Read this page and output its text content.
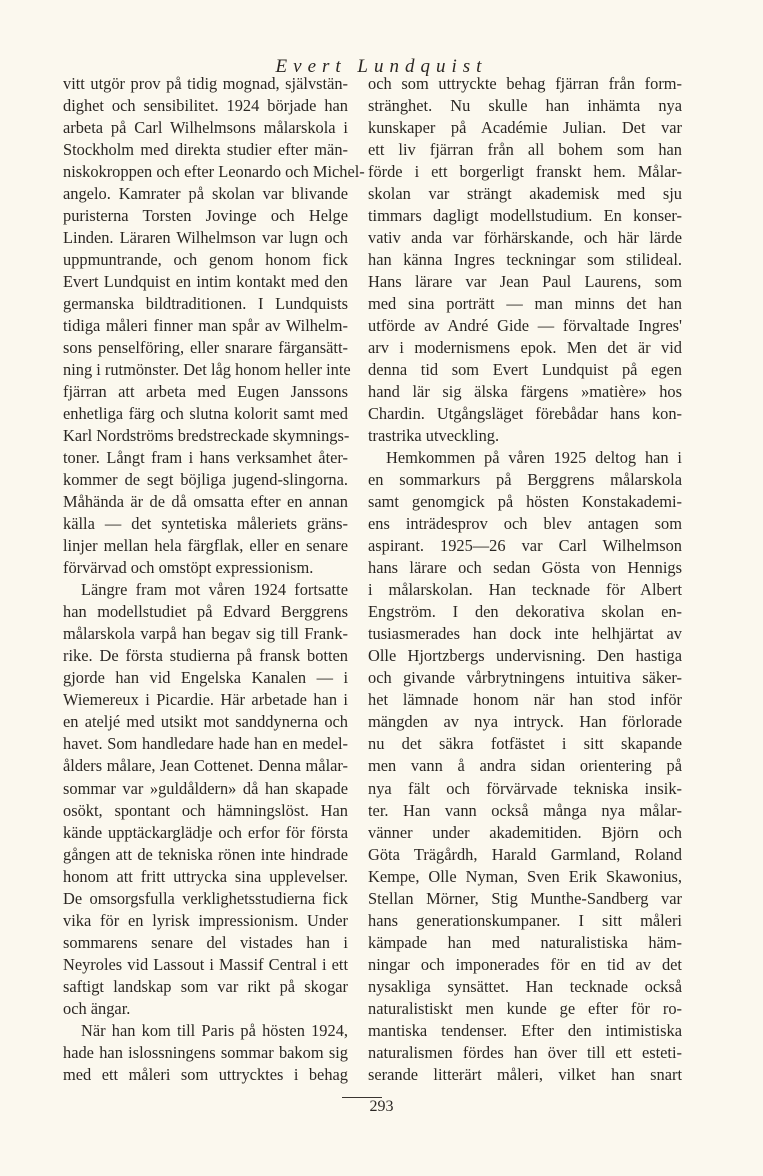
Evert Lundquist
vitt utgör prov på tidig mognad, självstän-
dighet och sensibilitet. 1924 började han
arbeta på Carl Wilhelmsons målarskola i
Stockholm med direkta studier efter män-
niskokroppen och efter Leonardo och Michel-
angelo. Kamrater på skolan var blivande
puristerna Torsten Jovinge och Helge
Linden. Läraren Wilhelmson var lugn och
uppmuntrande, och genom honom fick
Evert Lundquist en intim kontakt med den
germanska bildtraditionen. I Lundquists
tidiga måleri finner man spår av Wilhelm-
sons penselföring, eller snarare färgansätt-
ning i rutmönster. Det låg honom heller inte
fjärran att arbeta med Eugen Janssons
enhetliga färg och slutna kolorit samt med
Karl Nordströms bredstreckade skymnings-
toner. Långt fram i hans verksamhet åter-
kommer de segt böjliga jugend-slingorna.
Måhända är de då omsatta efter en annan
källa — det syntetiska måleriets gräns-
linjer mellan hela färgflak, eller en senare
förvärvad och omstöpt expressionism.
Längre fram mot våren 1924 fortsatte
han modellstudiet på Edvard Berggrens
målarskola varpå han begav sig till Frank-
rike. De första studierna på fransk botten
gjorde han vid Engelska Kanalen — i
Wiemereux i Picardie. Här arbetade han i
en ateljé med utsikt mot sanddynerna och
havet. Som handledare hade han en medel-
ålders målare, Jean Cottenet. Denna målar-
sommar var »guldåldern» då han skapade
osökt, spontant och hämningslöst. Han
kände upptäckarglädje och erfor för första
gången att de tekniska rönen inte hindrade
honom att fritt uttrycka sina upplevelser.
De omsorgsfulla verklighetsstudierna fick
vika för en lyrisk impressionism. Under
sommarens senare del vistades han i
Neyroles vid Lassout i Massif Central i ett
saftigt landskap som var rikt på skogar
och ängar.
När han kom till Paris på hösten 1924,
hade han islossningens sommar bakom sig
med ett måleri som uttrycktes i behag
och som uttryckte behag fjärran från form-
stränghet. Nu skulle han inhämta nya
kunskaper på Académie Julian. Det var
ett liv fjärran från all bohem som han
förde i ett borgerligt franskt hem. Målar-
skolan var strängt akademisk med sju
timmars dagligt modellstudium. En konser-
vativ anda var förhärskande, och här lärde
han känna Ingres teckningar som stilideal.
Hans lärare var Jean Paul Laurens, som
med sina porträtt — man minns det han
utförde av André Gide — förvaltade Ingres'
arv i modernismens epok. Men det är vid
denna tid som Evert Lundquist på egen
hand lär sig älska färgens »matière» hos
Chardin. Utgångsläget förebådar hans kon-
trastrika utveckling.
Hemkommen på våren 1925 deltog han i
en sommarkurs på Berggrens målarskola
samt genomgick på hösten Konstakademi-
ens inträdesprov och blev antagen som
aspirant. 1925—26 var Carl Wilhelmson
hans lärare och sedan Gösta von Hennigs
i målarskolan. Han tecknade för Albert
Engström. I den dekorativa skolan en-
tusiasmerades han dock inte helhjärtat av
Olle Hjortzbergs undervisning. Den hastiga
och givande vårbrytningens intuitiva säker-
het lämnade honom när han stod inför
mängden av nya intryck. Han förlorade
nu det säkra fotfästet i sitt skapande
men vann å andra sidan orientering på
nya fält och förvärvade tekniska insik-
ter. Han vann också många nya målar-
vänner under akademitiden. Björn och
Göta Trägårdh, Harald Garmland, Roland
Kempe, Olle Nyman, Sven Erik Skawonius,
Stellan Mörner, Stig Munthe-Sandberg var
hans generationskumpaner. I sitt måleri
kämpade han med naturalistiska häm-
ningar och imponerades för en tid av det
nysakliga synsättet. Han tecknade också
naturalistiskt men kunde ge efter för ro-
mantiska tendenser. Efter den intimistiska
naturalismen fördes han över till ett esteti-
serande litterärt måleri, vilket han snart
293
